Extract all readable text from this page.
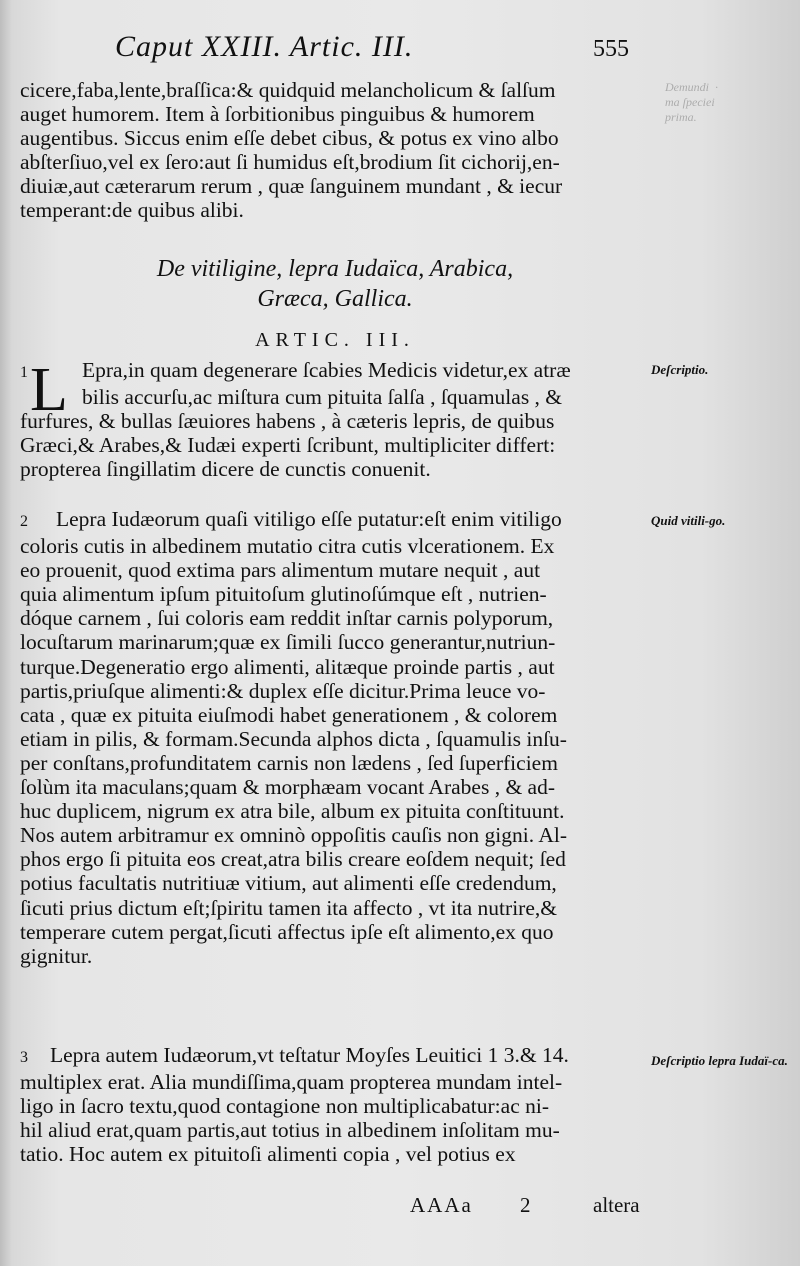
Caput XXIII. Artic. III.	555
Demundi  ·
ma ſpeciei
prima.
cicere,faba,lente,braſſica:& quidquid melancholicum & ſalſum
auget humorem. Item à ſorbitionibus pinguibus & humorem
augentibus. Siccus enim eſſe debet cibus, & potus ex vino albo
abſterſiuo,vel ex ſero:aut ſi humidus eſt,brodium ſit cichorij,en-
diuiæ,aut cæterarum rerum , quæ ſanguinem mundant , & iecur
temperant:de quibus alibi.
De vitiligine, lepra Iudaïca, Arabica,
Græca, Gallica.
ARTIC. III.
L
1	Epra,in quam degenerare ſcabies Medicis videtur,ex atræ
bilis accurſu,ac miſtura cum pituita ſalſa , ſquamulas , &
furfures, & bullas ſæuiores habens , à cæteris lepris, de quibus
Græci,& Arabes,& Iudæi experti ſcribunt, multipliciter differt:
propterea ſingillatim dicere de cunctis conuenit.
Deſcriptio.
2 Lepra Iudæorum quaſi vitiligo eſſe putatur:eſt enim vitiligo
coloris cutis in albedinem mutatio citra cutis vlcerationem. Ex
eo prouenit, quod extima pars alimentum mutare nequit , aut
quia alimentum ipſum pituitoſum glutinoſúmque eſt , nutrien-
dóque carnem , ſui coloris eam reddit inſtar carnis polyporum,
locuſtarum marinarum;quæ ex ſimili ſucco generantur,nutriun-
turque.Degeneratio ergo alimenti, alitæque proinde partis , aut
partis,priuſque alimenti:& duplex eſſe dicitur.Prima leuce vo-
cata , quæ ex pituita eiuſmodi habet generationem , & colorem
etiam in pilis, & formam.Secunda alphos dicta , ſquamulis inſu-
per conſtans,profunditatem carnis non lædens , ſed ſuperficiem
ſolùm ita maculans;quam & morphæam vocant Arabes , & ad-
huc duplicem, nigrum ex atra bile, album ex pituita conſtituunt.
Nos autem arbitramur ex omninò oppoſitis cauſis non gigni. Al-
phos ergo ſi pituita eos creat,atra bilis creare eoſdem nequit; ſed
potius facultatis nutritiuæ vitium, aut alimenti eſſe credendum,
ſicuti prius dictum eſt;ſpiritu tamen ita affecto , vt ita nutrire,&
temperare cutem pergat,ſicuti affectus ipſe eſt alimento,ex quo
gignitur.
Quid vitili-go.
3 Lepra autem Iudæorum,vt teſtatur Moyſes Leuitici 1 3.& 14.
multiplex erat. Alia mundiſſima,quam propterea mundam intel-
ligo in ſacro textu,quod contagione non multiplicabatur:ac ni-
hil aliud erat,quam partis,aut totius in albedinem inſolitam mu-
tatio. Hoc autem ex pituitoſi alimenti copia , vel potius ex
Deſcriptio lepra Iudaï-ca.
AAAa 2	altera
